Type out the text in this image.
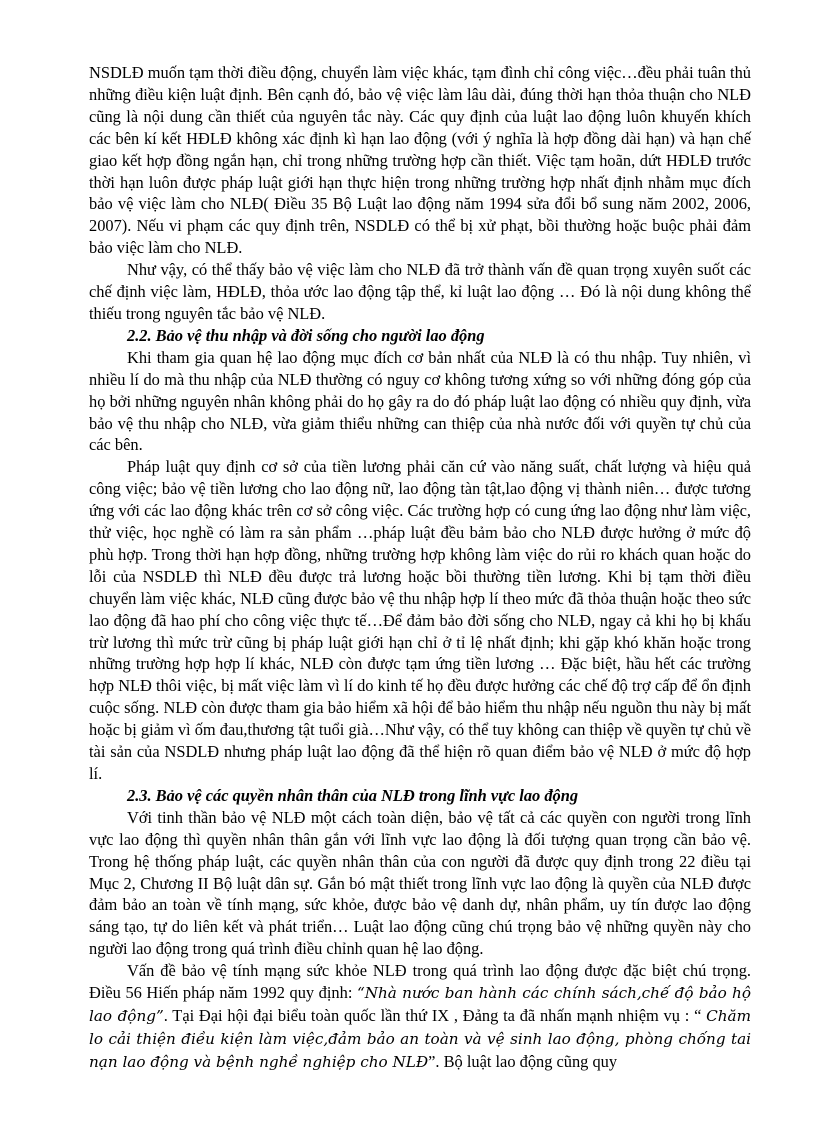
NSDLĐ muốn tạm thời điều động, chuyển làm việc khác, tạm đình chỉ công việc…đều phải tuân thủ những điều kiện luật định. Bên cạnh đó, bảo vệ việc làm lâu dài, đúng thời hạn thỏa thuận cho NLĐ cũng là nội dung cần thiết của nguyên tắc này. Các quy định của luật lao động luôn khuyến khích các bên kí kết HĐLĐ không xác định kì hạn lao động (với ý nghĩa là hợp đồng dài hạn) và hạn chế giao kết hợp đồng ngắn hạn, chỉ trong những trường hợp cần thiết. Việc tạm hoãn, dứt HĐLĐ trước thời hạn luôn được pháp luật giới hạn thực hiện trong những trường hợp nhất định nhằm mục đích bảo vệ việc làm cho NLĐ( Điều 35 Bộ Luật lao động năm 1994 sửa đổi bổ sung năm 2002, 2006, 2007). Nếu vi phạm các quy định trên, NSDLĐ có thể bị xử phạt, bồi thường hoặc buộc phải đảm bảo việc làm cho NLĐ.

Như vậy, có thể thấy bảo vệ việc làm cho NLĐ đã trở thành vấn đề quan trọng xuyên suốt các chế định việc làm, HĐLĐ, thỏa ước lao động tập thể, kỉ luật lao động … Đó là nội dung không thể thiếu trong nguyên tắc bảo vệ NLĐ.

2.2. Bảo vệ thu nhập và đời sống cho người lao động

Khi tham gia quan hệ lao động mục đích cơ bản nhất của NLĐ là có thu nhập. Tuy nhiên, vì nhiều lí do mà thu nhập của NLĐ thường có nguy cơ không tương xứng so với những đóng góp của họ bởi những nguyên nhân không phải do họ gây ra do đó pháp luật lao động có nhiều quy định, vừa bảo vệ thu nhập cho NLĐ, vừa giảm thiểu những can thiệp của nhà nước đối với quyền tự chủ của các bên.

Pháp luật quy định cơ sở của tiền lương phải căn cứ vào năng suất, chất lượng và hiệu quả công việc; bảo vệ tiền lương cho lao động nữ, lao động tàn tật,lao động vị thành niên… được tương ứng với các lao động khác trên cơ sở công việc. Các trường hợp có cung ứng lao động như làm việc, thử việc, học nghề có làm ra sản phẩm …pháp luật đều bảm bảo cho NLĐ được hưởng ở mức độ phù hợp. Trong thời hạn hợp đồng, những trường hợp không làm việc do rủi ro khách quan hoặc do lỗi của NSDLĐ thì NLĐ đều được trả lương hoặc bồi thường tiền lương. Khi bị tạm thời điều chuyển làm việc khác, NLĐ cũng được bảo vệ thu nhập hợp lí theo mức đã thỏa thuận hoặc theo sức lao động đã hao phí cho công việc thực tế…Để đảm bảo đời sống cho NLĐ, ngay cả khi họ bị khấu trừ lương thì mức trừ cũng bị pháp luật giới hạn chỉ ở tỉ lệ nhất định; khi gặp khó khăn hoặc trong những trường hợp hợp lí khác, NLĐ còn được tạm ứng tiền lương … Đặc biệt, hầu hết các trường hợp NLĐ thôi việc, bị mất việc làm vì lí do kinh tế họ đều được hưởng các chế độ trợ cấp để ổn định cuộc sống. NLĐ còn được tham gia bảo hiểm xã hội để bảo hiểm thu nhập nếu nguồn thu này bị mất hoặc bị giảm vì ốm đau,thương tật tuổi già…Như vậy, có thể tuy không can thiệp về quyền tự chủ về tài sản của NSDLĐ nhưng pháp luật lao động đã thể hiện rõ quan điểm bảo vệ NLĐ ở mức độ hợp lí.

2.3. Bảo vệ các quyền nhân thân của NLĐ trong lĩnh vực lao động

Với tinh thần bảo vệ NLĐ một cách toàn diện, bảo vệ tất cả các quyền con người trong lĩnh vực lao động thì quyền nhân thân gắn với lĩnh vực lao động là đối tượng quan trọng cần bảo vệ. Trong hệ thống pháp luật, các quyền nhân thân của con người đã được quy định trong 22 điều tại Mục 2, Chương II Bộ luật dân sự. Gắn bó mật thiết trong lĩnh vực lao động là quyền của NLĐ được đảm bảo an toàn về tính mạng, sức khỏe, được bảo vệ danh dự, nhân phẩm, uy tín được lao động sáng tạo, tự do liên kết và phát triển… Luật lao động cũng chú trọng bảo vệ những quyền này cho người lao động trong quá trình điều chỉnh quan hệ lao động.

Vấn đề bảo vệ tính mạng sức khỏe NLĐ trong quá trình lao động được đặc biệt chú trọng. Điều 56 Hiến pháp năm 1992 quy định: “Nhà nước ban hành các chính sách,chế độ bảo hộ lao động”. Tại Đại hội đại biểu toàn quốc lần thứ IX , Đảng ta đã nhấn mạnh nhiệm vụ : “ Chăm lo cải thiện điều kiện làm việc,đảm bảo an toàn và vệ sinh lao động, phòng chống tai nạn lao động và bệnh nghề nghiệp cho NLĐ”. Bộ luật lao động cũng quy
